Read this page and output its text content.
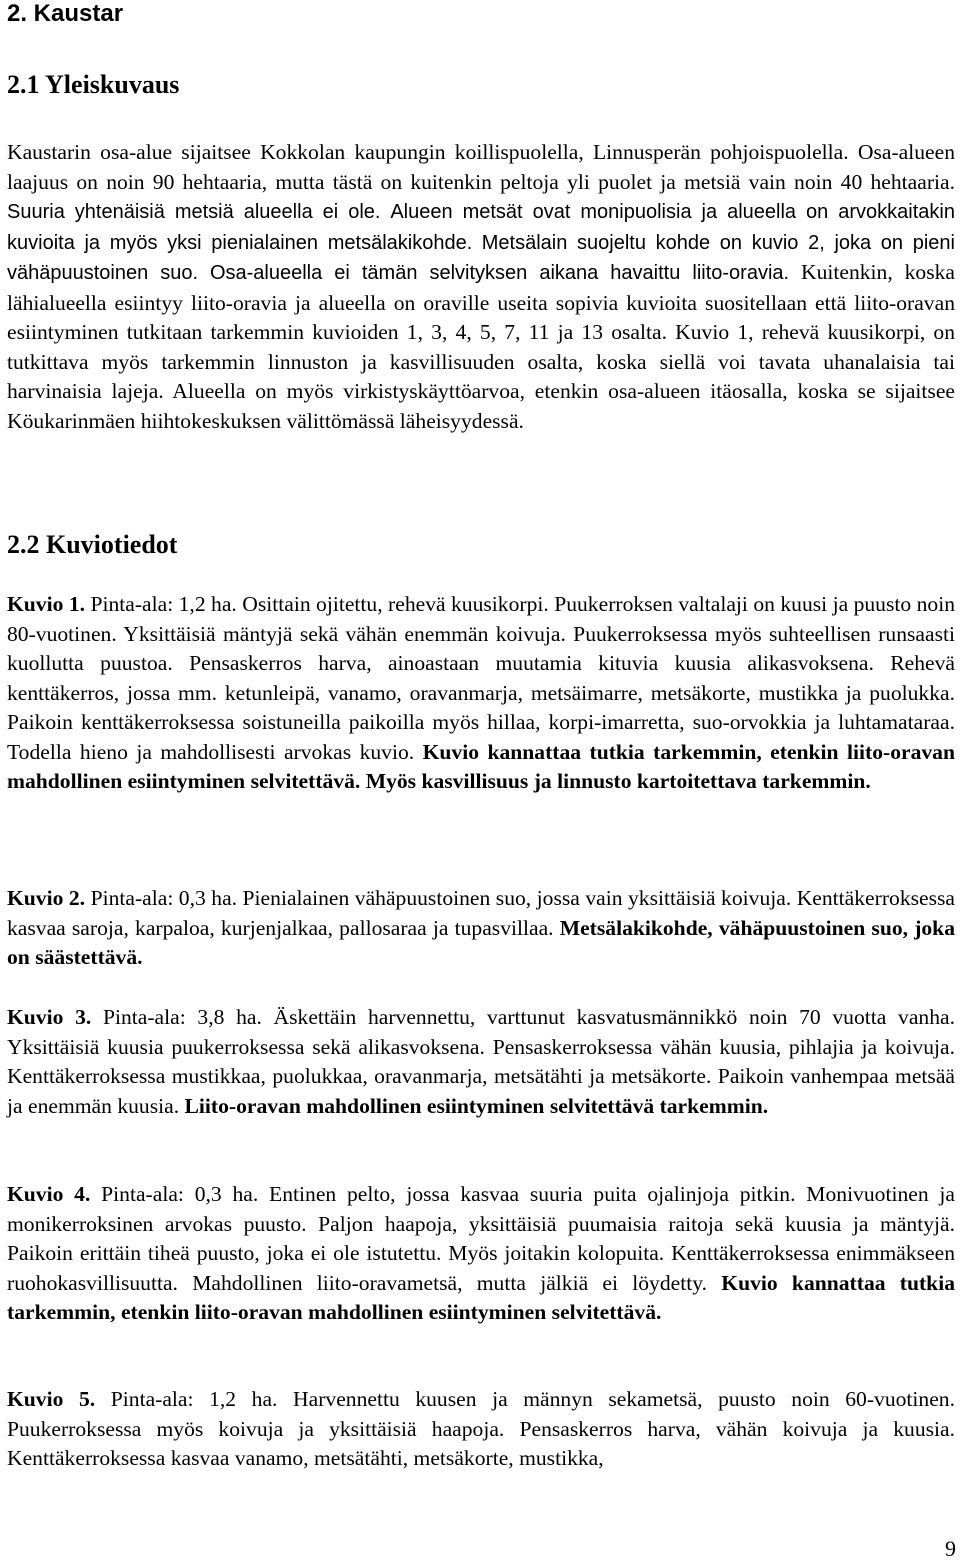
2. Kaustar
2.1 Yleiskuvaus

Kaustarin osa-alue sijaitsee Kokkolan kaupungin koillispuolella, Linnusperän pohjoispuolella. Osa-alueen laajuus on noin 90 hehtaaria, mutta tästä on kuitenkin peltoja yli puolet ja metsiä vain noin 40 hehtaaria. Suuria yhtenäisiä metsiä alueella ei ole. Alueen metsät ovat monipuolisia ja alueella on arvokkaitakin kuvioita ja myös yksi pienialainen metsälakikohde. Metsälain suojeltu kohde on kuvio 2, joka on pieni vähäpuustoinen suo. Osa-alueella ei tämän selvityksen aikana havaittu liito-oravia. Kuitenkin, koska lähialueella esiintyy liito-oravia ja alueella on oraville useita sopivia kuvioita suositellaan että liito-oravan esiintyminen tutkitaan tarkemmin kuvioiden 1, 3, 4, 5, 7, 11 ja 13 osalta. Kuvio 1, rehevä kuusikorpi, on tutkittava myös tarkemmin linnuston ja kasvillisuuden osalta, koska siellä voi tavata uhanalaisia tai harvinaisia lajeja. Alueella on myös virkistyskäyttöarvoa, etenkin osa-alueen itäosalla, koska se sijaitsee Köukarinmäen hiihtokeskuksen välittömässä läheisyydessä.

2.2 Kuviotiedot

Kuvio 1. Pinta-ala: 1,2 ha. Osittain ojitettu, rehevä kuusikorpi. Puukerroksen valtalaji on kuusi ja puusto noin 80-vuotinen. Yksittäisiä mäntyjä sekä vähän enemmän koivuja. Puukerroksessa myös suhteellisen runsaasti kuollutta puustoa. Pensaskerros harva, ainoastaan muutamia kituvia kuusia alikasvoksena. Rehevä kenttäkerros, jossa mm. ketunleipä, vanamo, oravanmarja, metsäimarre, metsäkorte, mustikka ja puolukka. Paikoin kenttäkerroksessa soistuneilla paikoilla myös hillaa, korpi-imarretta, suo-orvokkia ja luhtamataraa. Todella hieno ja mahdollisesti arvokas kuvio. Kuvio kannattaa tutkia tarkemmin, etenkin liito-oravan mahdollinen esiintyminen selvitettävä. Myös kasvillisuus ja linnusto kartoitettava tarkemmin.

Kuvio 2. Pinta-ala: 0,3 ha. Pienialainen vähäpuustoinen suo, jossa vain yksittäisiä koivuja. Kenttäkerroksessa kasvaa saroja, karpaloa, kurjenjalkaa, pallosaraa ja tupasvillaa. Metsälakikohde, vähäpuustoinen suo, joka on säästettävä.

Kuvio 3. Pinta-ala: 3,8 ha. Äskettäin harvennettu, varttunut kasvatusmännikkö noin 70 vuotta vanha. Yksittäisiä kuusia puukerroksessa sekä alikasvoksena. Pensaskerroksessa vähän kuusia, pihlajia ja koivuja. Kenttäkerroksessa mustikkaa, puolukkaa, oravanmarja, metsätähti ja metsäkorte. Paikoin vanhempaa metsää ja enemmän kuusia. Liito-oravan mahdollinen esiintyminen selvitettävä tarkemmin.

Kuvio 4. Pinta-ala: 0,3 ha. Entinen pelto, jossa kasvaa suuria puita ojalinjoja pitkin. Monivuotinen ja monikerroksinen arvokas puusto. Paljon haapoja, yksittäisiä puumaisia raitoja sekä kuusia ja mäntyjä. Paikoin erittäin tiheä puusto, joka ei ole istutettu. Myös joitakin kolopuita. Kenttäkerroksessa enimmäkseen ruohokasvillisuutta. Mahdollinen liito-oravametsä, mutta jälkiä ei löydetty. Kuvio kannattaa tutkia tarkemmin, etenkin liito-oravan mahdollinen esiintyminen selvitettävä.

Kuvio 5. Pinta-ala: 1,2 ha. Harvennettu kuusen ja männyn sekametsä, puusto noin 60-vuotinen. Puukerroksessa myös koivuja ja yksittäisiä haapoja. Pensaskerros harva, vähän koivuja ja kuusia. Kenttäkerroksessa kasvaa vanamo, metsätähti, metsäkorte, mustikka,

9
